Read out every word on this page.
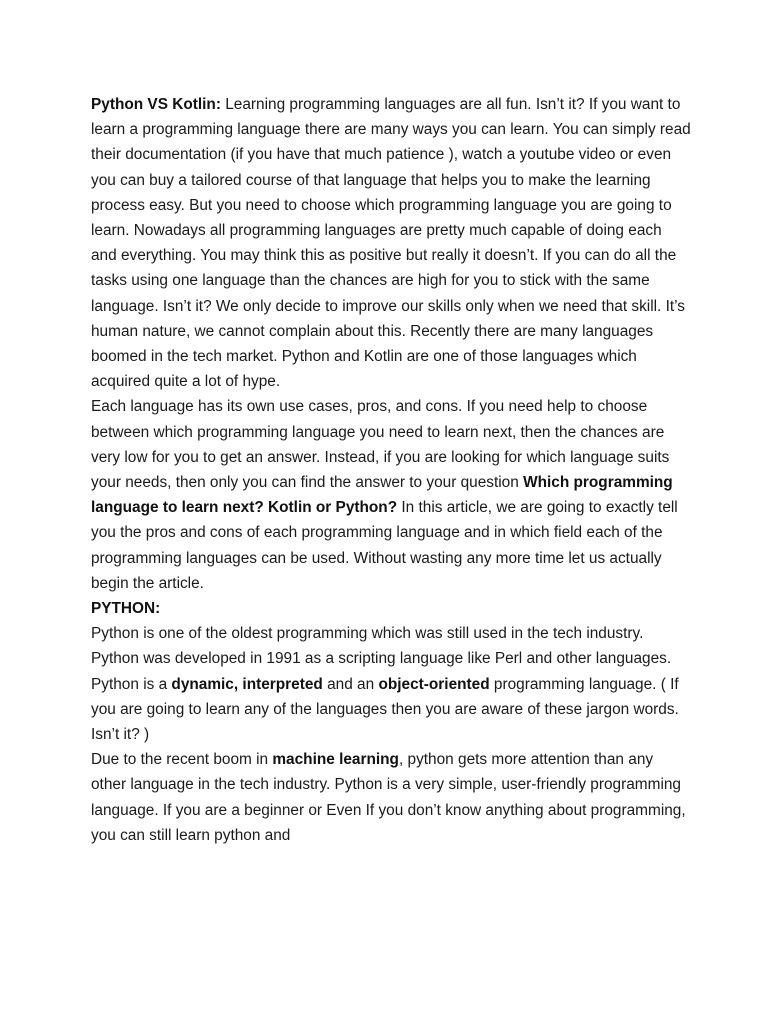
Python VS Kotlin: Learning programming languages are all fun. Isn’t it? If you want to learn a programming language there are many ways you can learn. You can simply read their documentation (if you have that much patience ), watch a youtube video or even you can buy a tailored course of that language that helps you to make the learning process easy. But you need to choose which programming language you are going to learn. Nowadays all programming languages are pretty much capable of doing each and everything. You may think this as positive but really it doesn’t. If you can do all the tasks using one language than the chances are high for you to stick with the same language. Isn’t it? We only decide to improve our skills only when we need that skill. It’s human nature, we cannot complain about this. Recently there are many languages boomed in the tech market. Python and Kotlin are one of those languages which acquired quite a lot of hype.

Each language has its own use cases, pros, and cons. If you need help to choose between which programming language you need to learn next, then the chances are very low for you to get an answer. Instead, if you are looking for which language suits your needs, then only you can find the answer to your question Which programming language to learn next? Kotlin or Python? In this article, we are going to exactly tell you the pros and cons of each programming language and in which field each of the programming languages can be used. Without wasting any more time let us actually begin the article.

PYTHON:

Python is one of the oldest programming which was still used in the tech industry. Python was developed in 1991 as a scripting language like Perl and other languages. Python is a dynamic, interpreted and an object-oriented programming language. ( If you are going to learn any of the languages then you are aware of these jargon words. Isn’t it? )

Due to the recent boom in machine learning, python gets more attention than any other language in the tech industry. Python is a very simple, user-friendly programming language. If you are a beginner or Even If you don’t know anything about programming, you can still learn python and
